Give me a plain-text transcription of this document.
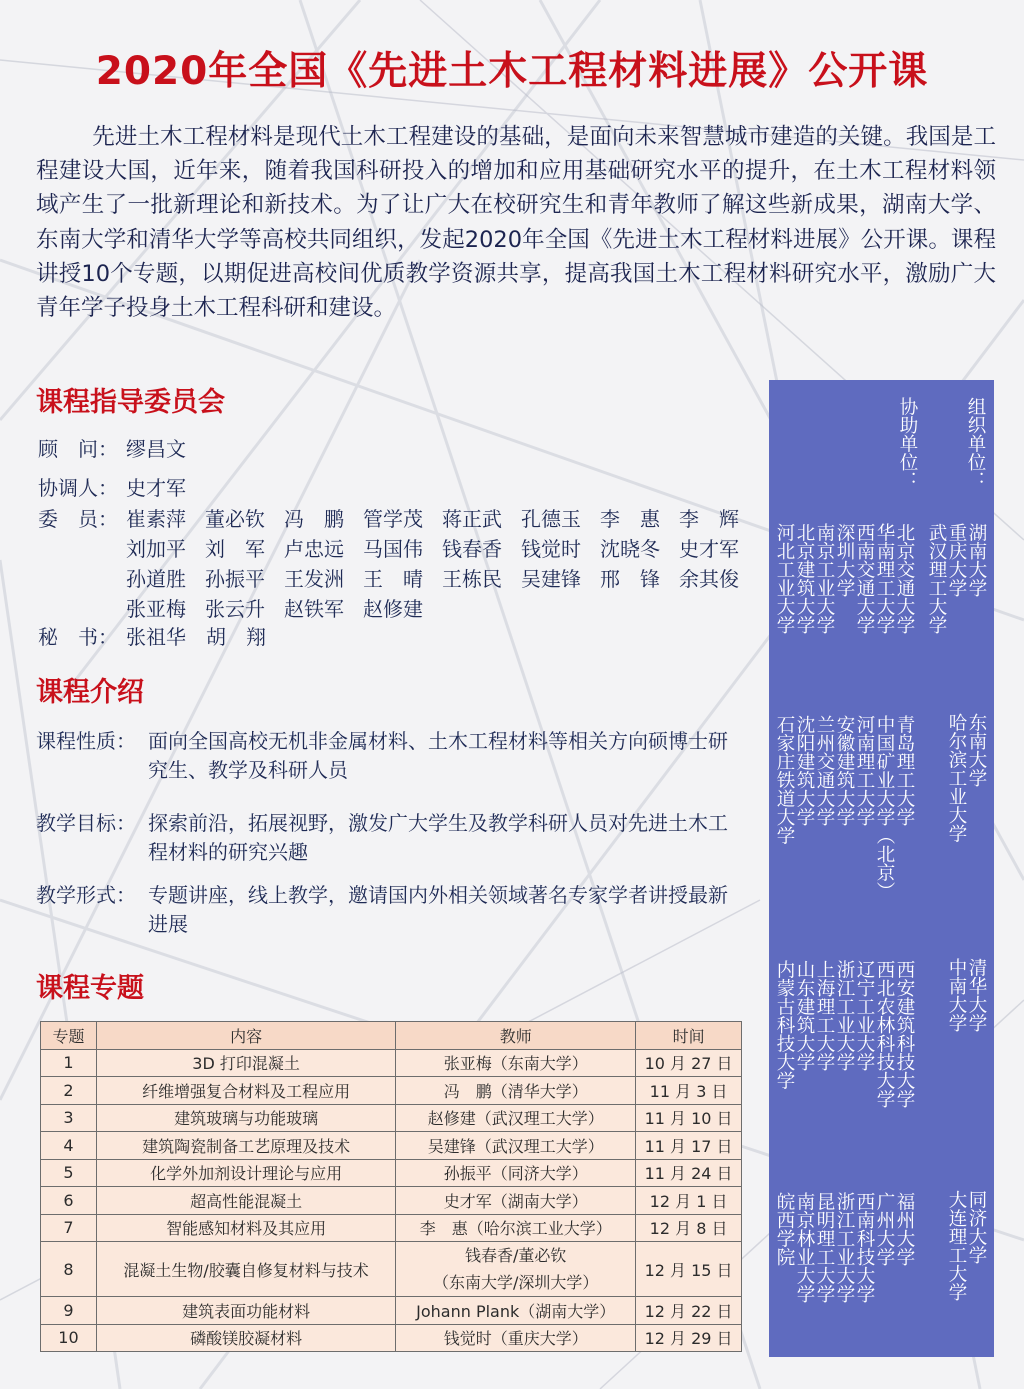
2020年全国《先进土木工程材料进展》公开课

先进土木工程材料是现代土木工程建设的基础，是面向未来智慧城市建造的关键。我国是工程建设大国，近年来，随着我国科研投入的增加和应用基础研究水平的提升，在土木工程材料领域产生了一批新理论和新技术。为了让广大在校研究生和青年教师了解这些新成果，湖南大学、东南大学和清华大学等高校共同组织，发起2020年全国《先进土木工程材料进展》公开课。课程讲授10个专题，以期促进高校间优质教学资源共享，提高我国土木工程材料研究水平，激励广大青年学子投身土木工程科研和建设。

课程指导委员会
顾　问： 缪昌文
协调人： 史才军
委　员： 崔素萍 董必钦 冯　鹏 管学茂 蒋正武 孔德玉 李　惠 李　辉
刘加平 刘　军 卢忠远 马国伟 钱春香 钱觉时 沈晓冬 史才军
孙道胜 孙振平 王发洲 王　晴 王栋民 吴建锋 邢　锋 余其俊
张亚梅 张云升 赵铁军 赵修建
秘　书： 张祖华　胡　翔
课程介绍
课程性质： 面向全国高校无机非金属材料、土木工程材料等相关方向硕博士研究生、教学及科研人员
教学目标： 探索前沿，拓展视野，激发广大学生及教学科研人员对先进土木工程材料的研究兴趣
教学形式： 专题讲座，线上教学，邀请国内外相关领域著名专家学者讲授最新进展
课程专题
专题	内容	教师	时间
1	3D 打印混凝土	张亚梅（东南大学）	10 月 27 日
2	纤维增强复合材料及工程应用	冯　鹏（清华大学）	11 月 3 日
3	建筑玻璃与功能玻璃	赵修建（武汉理工大学）	11 月 10 日
4	建筑陶瓷制备工艺原理及技术	吴建锋（武汉理工大学）	11 月 17 日
5	化学外加剂设计理论与应用	孙振平（同济大学）	11 月 24 日
6	超高性能混凝土	史才军（湖南大学）	12 月 1 日
7	智能感知材料及其应用	李　惠（哈尔滨工业大学）	12 月 8 日
8	混凝土生物/胶囊自修复材料与技术	钱春香/董必钦
（东南大学/深圳大学）	12 月 15 日
9	建筑表面功能材料	Johann Plank（湖南大学）	12 月 22 日
10	磷酸镁胶凝材料	钱觉时（重庆大学）	12 月 29 日
组织单位：
协助单位：
湖南大学
重庆大学
武汉理工大学
东南大学
哈尔滨工业大学
清华大学
中南大学
同济大学
大连理工大学
北京交通大学
华南理工大学
西南交通大学
深圳大学
南京工业大学
北京建筑大学
河北工业大学
青岛理工大学
中国矿业大学（北京）
河南理工大学
安徽建筑大学
兰州交通大学
沈阳建筑大学
石家庄铁道大学
西安建筑科技大学
西北农林科技大学
辽宁工业大学
浙江工业大学
上海理工大学
山东建筑大学
内蒙古科技大学
福州大学
广州大学
西南科技大学
浙江工业大学
昆明理工大学
南京林业大学
皖西学院
